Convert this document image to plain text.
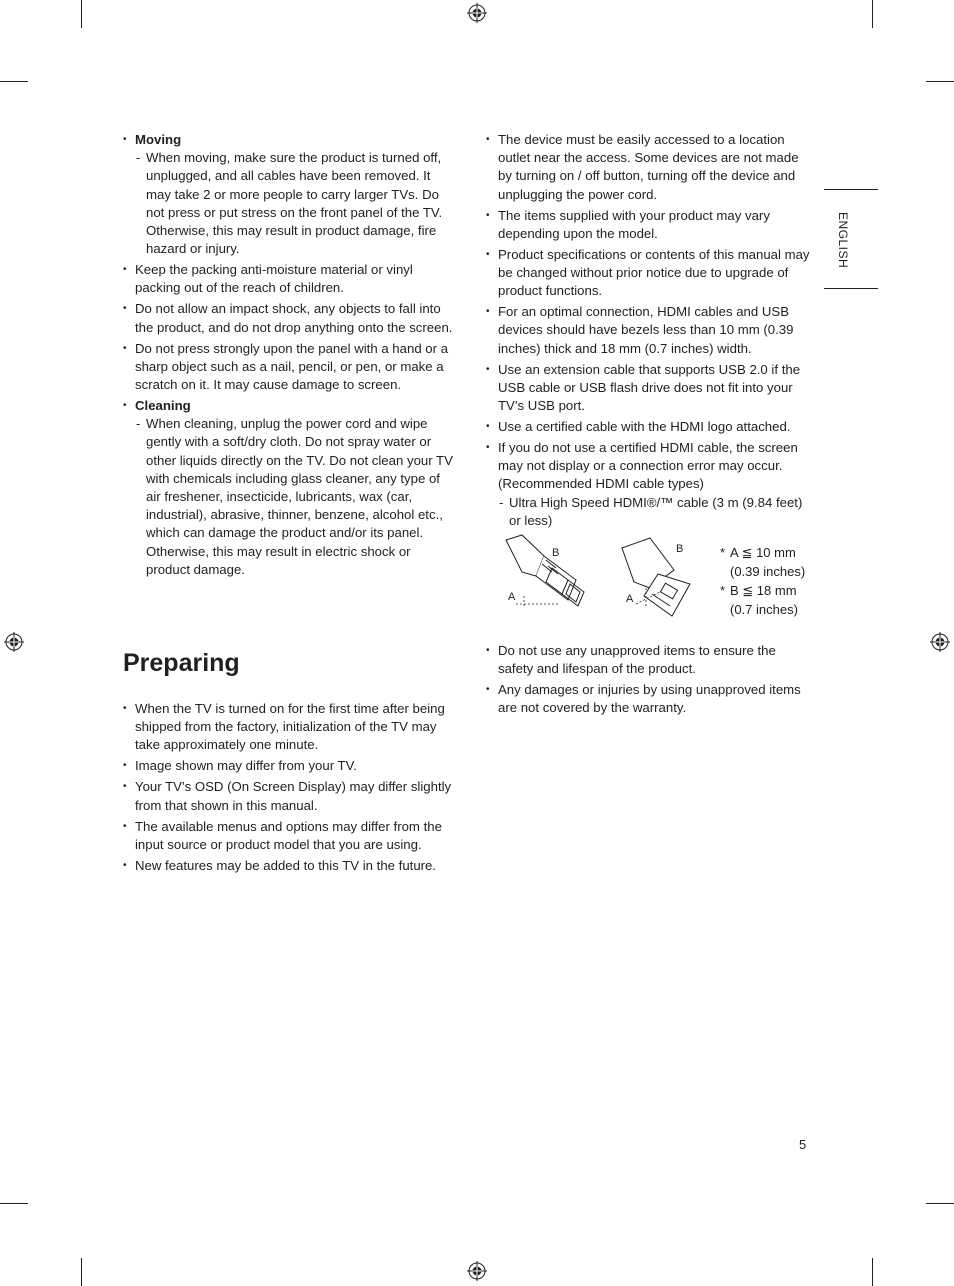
ENGLISH
• Moving
- When moving, make sure the product is turned off, unplugged, and all cables have been removed. It may take 2 or more people to carry larger TVs. Do not press or put stress on the front panel of the TV. Otherwise, this may result in product damage, fire hazard or injury.
• Keep the packing anti-moisture material or vinyl packing out of the reach of children.
• Do not allow an impact shock, any objects to fall into the product, and do not drop anything onto the screen.
• Do not press strongly upon the panel with a hand or a sharp object such as a nail, pencil, or pen, or make a scratch on it. It may cause damage to screen.
• Cleaning
- When cleaning, unplug the power cord and wipe gently with a soft/dry cloth. Do not spray water or other liquids directly on the TV. Do not clean your TV with chemicals including glass cleaner, any type of air freshener, insecticide, lubricants, wax (car, industrial), abrasive, thinner, benzene, alcohol etc., which can damage the product and/or its panel. Otherwise, this may result in electric shock or product damage.
Preparing
• When the TV is turned on for the first time after being shipped from the factory, initialization of the TV may take approximately one minute.
• Image shown may differ from your TV.
• Your TV’s OSD (On Screen Display) may differ slightly from that shown in this manual.
• The available menus and options may differ from the input source or product model that you are using.
• New features may be added to this TV in the future.
• The device must be easily accessed to a location outlet near the access. Some devices are not made by turning on / off button, turning off the device and unplugging the power cord.
• The items supplied with your product may vary depending upon the model.
• Product specifications or contents of this manual may be changed without prior notice due to upgrade of product functions.
• For an optimal connection, HDMI cables and USB devices should have bezels less than 10 mm (0.39 inches) thick and 18 mm (0.7 inches) width.
• Use an extension cable that supports USB 2.0 if the USB cable or USB flash drive does not fit into your TV’s USB port.
• Use a certified cable with the HDMI logo attached.
• If you do not use a certified HDMI cable, the screen may not display or a connection error may occur. (Recommended HDMI cable types)
- Ultra High Speed HDMI®/™ cable (3 m (9.84 feet) or less)
B
A
B
A
* A ≦ 10 mm (0.39 inches)
* B ≦ 18 mm (0.7 inches)
• Do not use any unapproved items to ensure the safety and lifespan of the product.
• Any damages or injuries by using unapproved items are not covered by the warranty.
5
